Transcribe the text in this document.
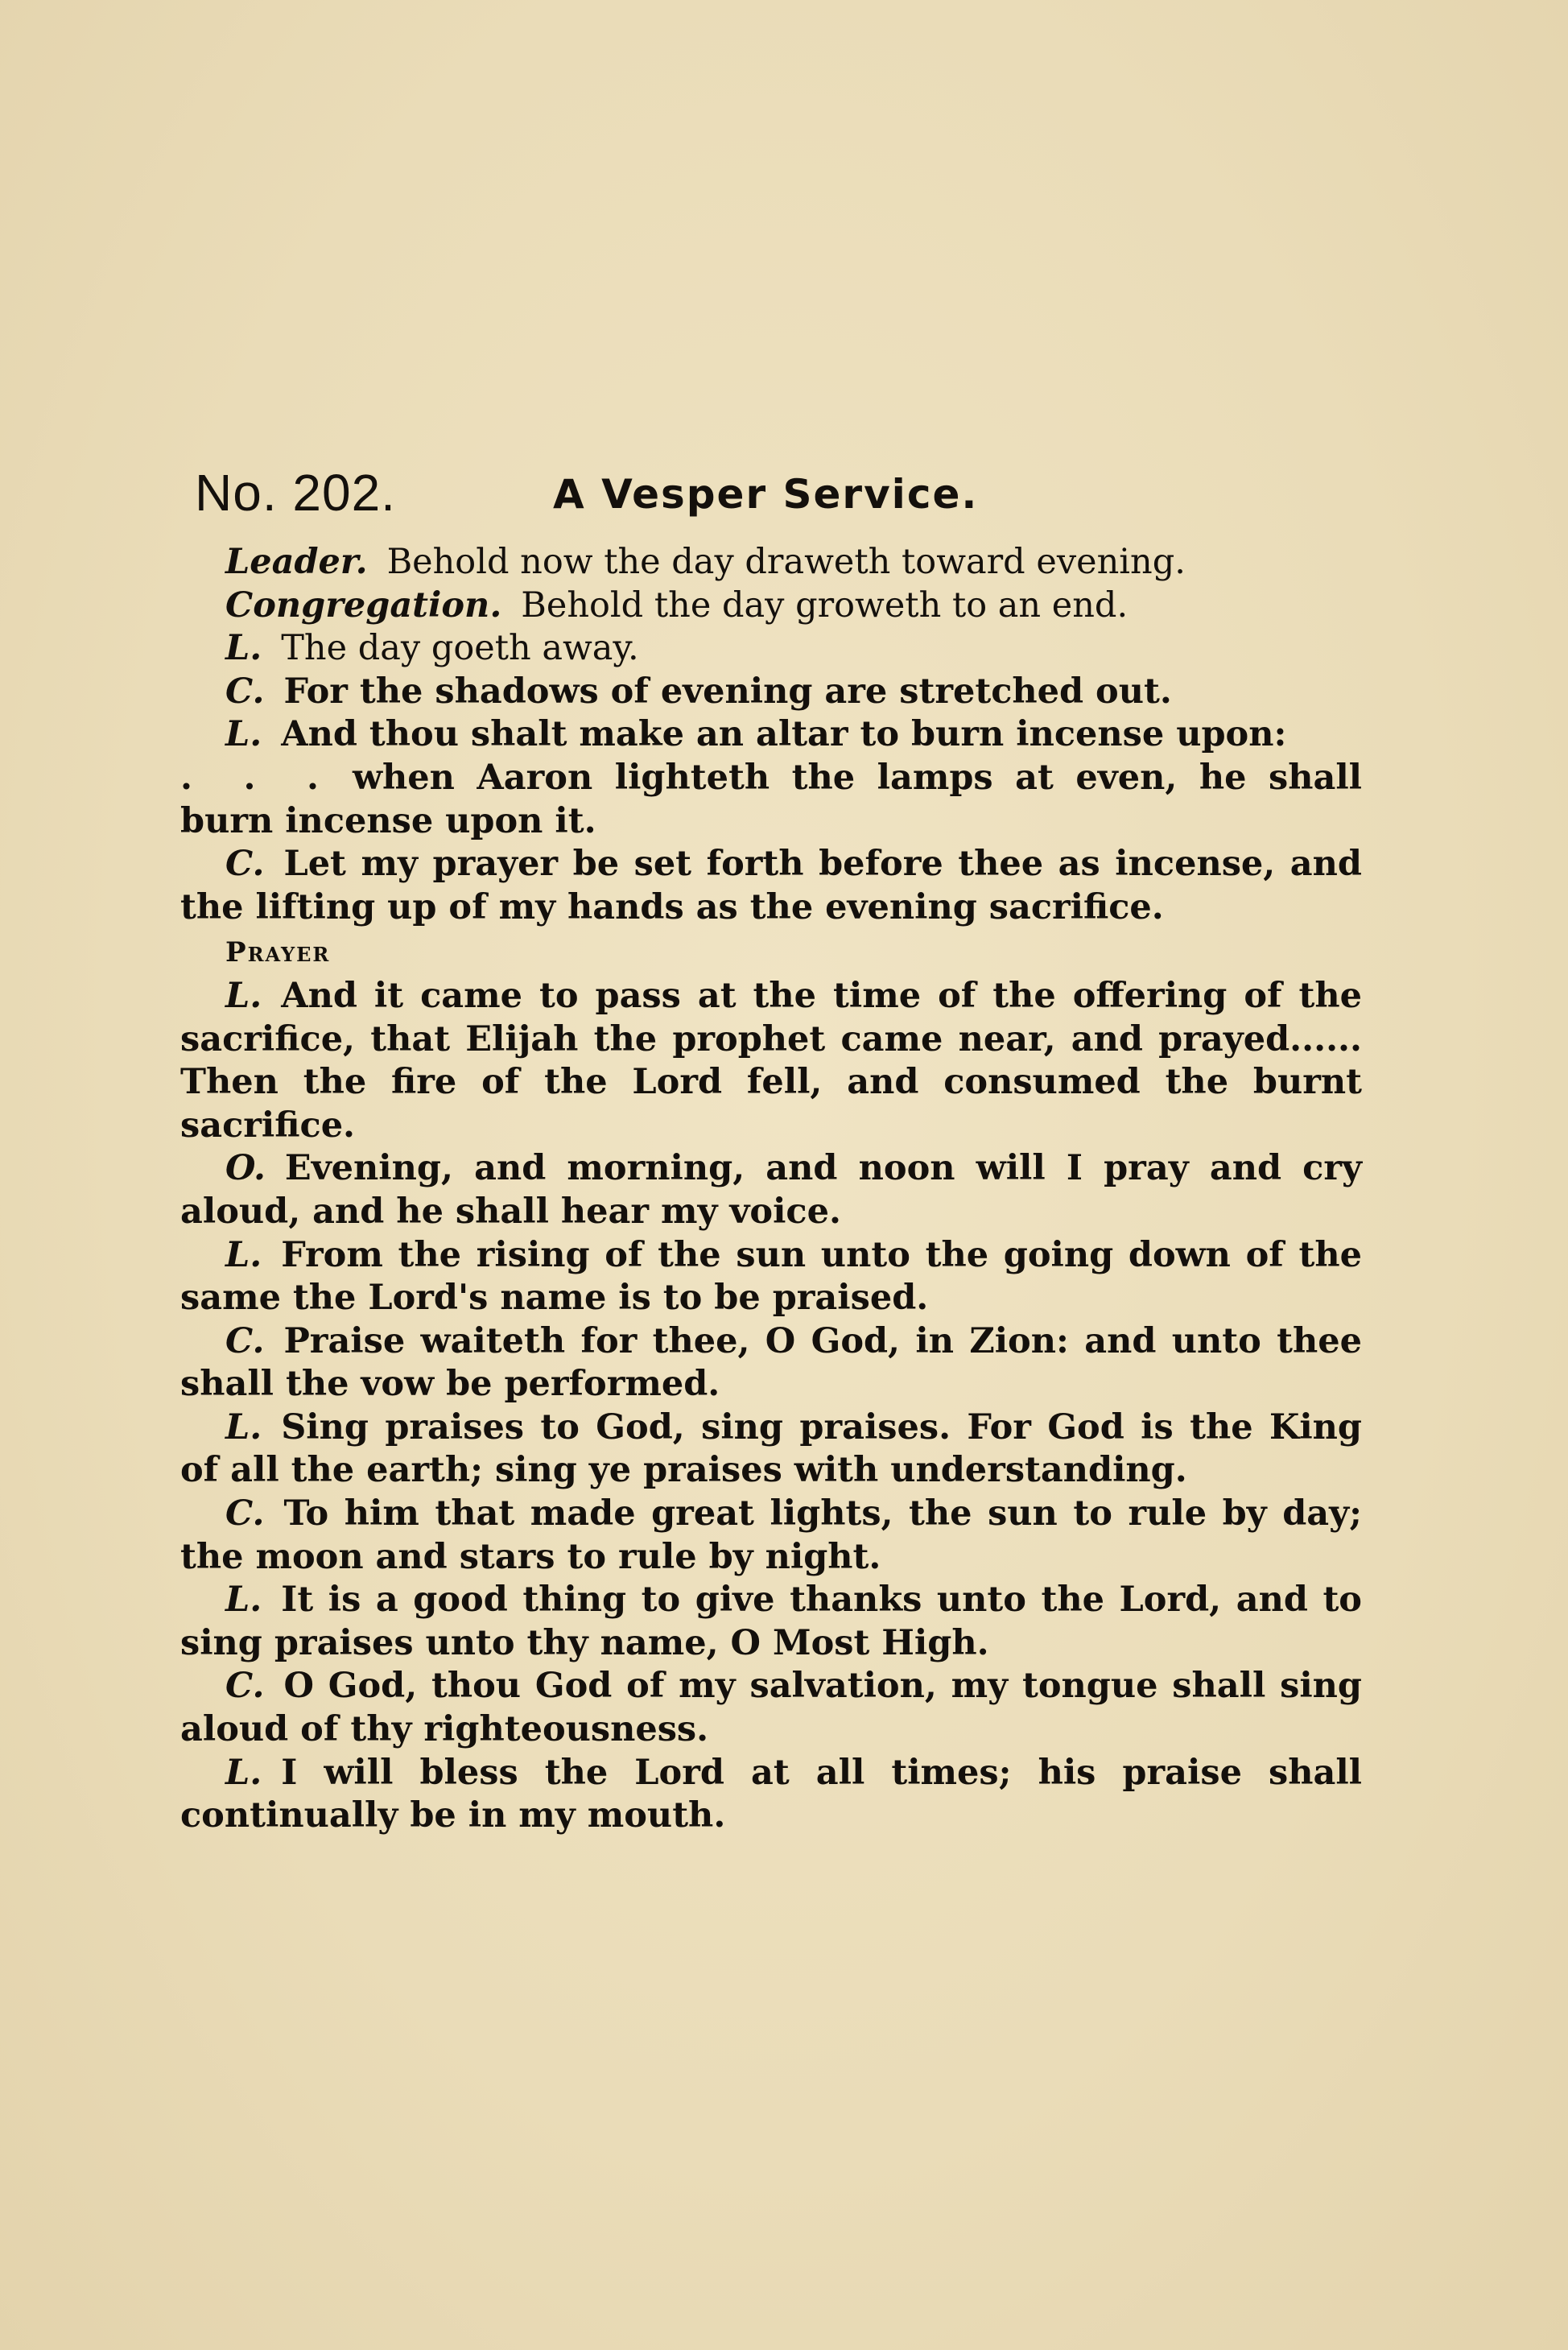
No. 202.	A Vesper Service.

Leader. Behold now the day draweth toward evening.

Congregation. Behold the day groweth to an end.

L. The day goeth away.

C. For the shadows of evening are stretched out.

L. And thou shalt make an altar to burn incense upon:

. . . when Aaron lighteth the lamps at even, he shall burn incense upon it.

C. Let my prayer be set forth before thee as incense, and the lifting up of my hands as the evening sacrifice.

Prayer

L. And it came to pass at the time of the offering of the sacrifice, that Elijah the prophet came near, and prayed...... Then the fire of the Lord fell, and consumed the burnt sacrifice.

O. Evening, and morning, and noon will I pray and cry aloud, and he shall hear my voice.

L. From the rising of the sun unto the going down of the same the Lord's name is to be praised.

C. Praise waiteth for thee, O God, in Zion: and unto thee shall the vow be performed.

L. Sing praises to God, sing praises. For God is the King of all the earth; sing ye praises with understanding.

C. To him that made great lights, the sun to rule by day; the moon and stars to rule by night.

L. It is a good thing to give thanks unto the Lord, and to sing praises unto thy name, O Most High.

C. O God, thou God of my salvation, my tongue shall sing aloud of thy righteousness.

L. I will bless the Lord at all times; his praise shall continually be in my mouth.
